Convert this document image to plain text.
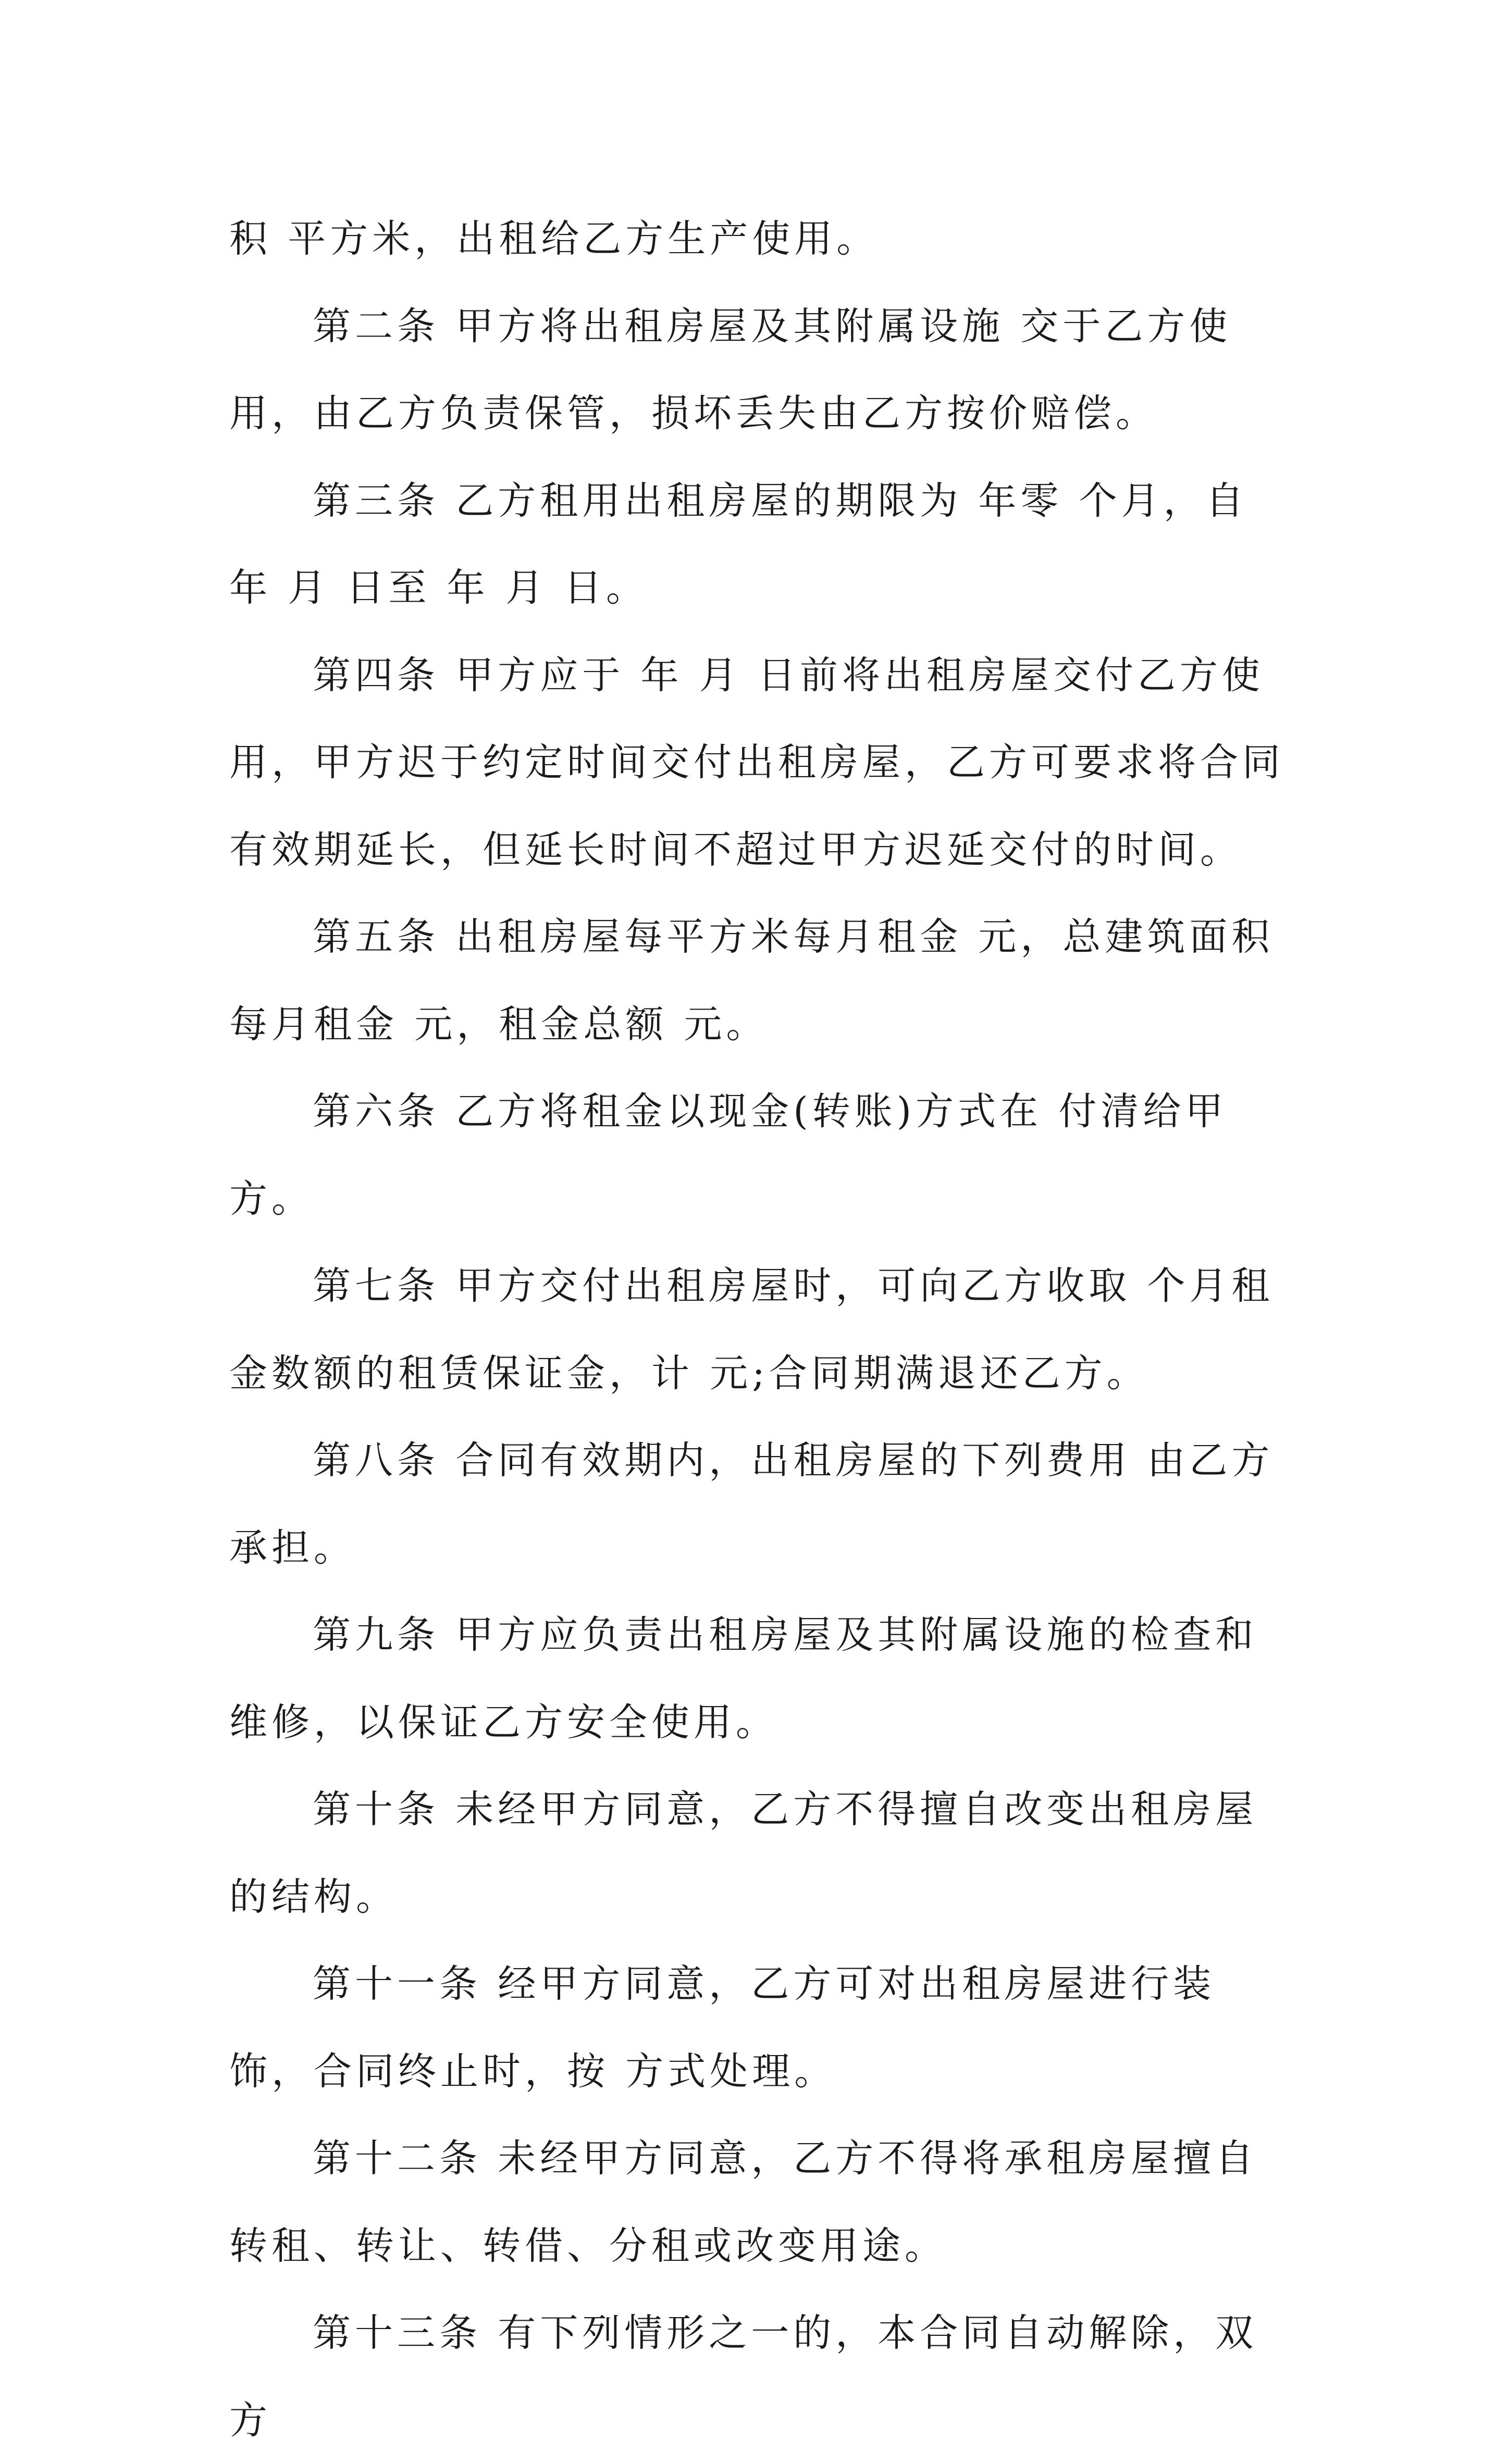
积 平方米，出租给乙方生产使用。

第二条 甲方将出租房屋及其附属设施 交于乙方使用，由乙方负责保管，损坏丢失由乙方按价赔偿。

第三条 乙方租用出租房屋的期限为 年零 个月，自 年 月 日至 年 月 日。

第四条 甲方应于 年 月 日前将出租房屋交付乙方使用，甲方迟于约定时间交付出租房屋，乙方可要求将合同有效期延长，但延长时间不超过甲方迟延交付的时间。

第五条 出租房屋每平方米每月租金 元，总建筑面积每月租金 元，租金总额 元。

第六条 乙方将租金以现金(转账)方式在 付清给甲方。

第七条 甲方交付出租房屋时，可向乙方收取 个月租金数额的租赁保证金，计 元;合同期满退还乙方。

第八条 合同有效期内，出租房屋的下列费用 由乙方承担。

第九条 甲方应负责出租房屋及其附属设施的检查和维修，以保证乙方安全使用。

第十条 未经甲方同意，乙方不得擅自改变出租房屋的结构。

第十一条 经甲方同意，乙方可对出租房屋进行装饰，合同终止时，按 方式处理。

第十二条 未经甲方同意，乙方不得将承租房屋擅自转租、转让、转借、分租或改变用途。

第十三条 有下列情形之一的，本合同自动解除，双方
